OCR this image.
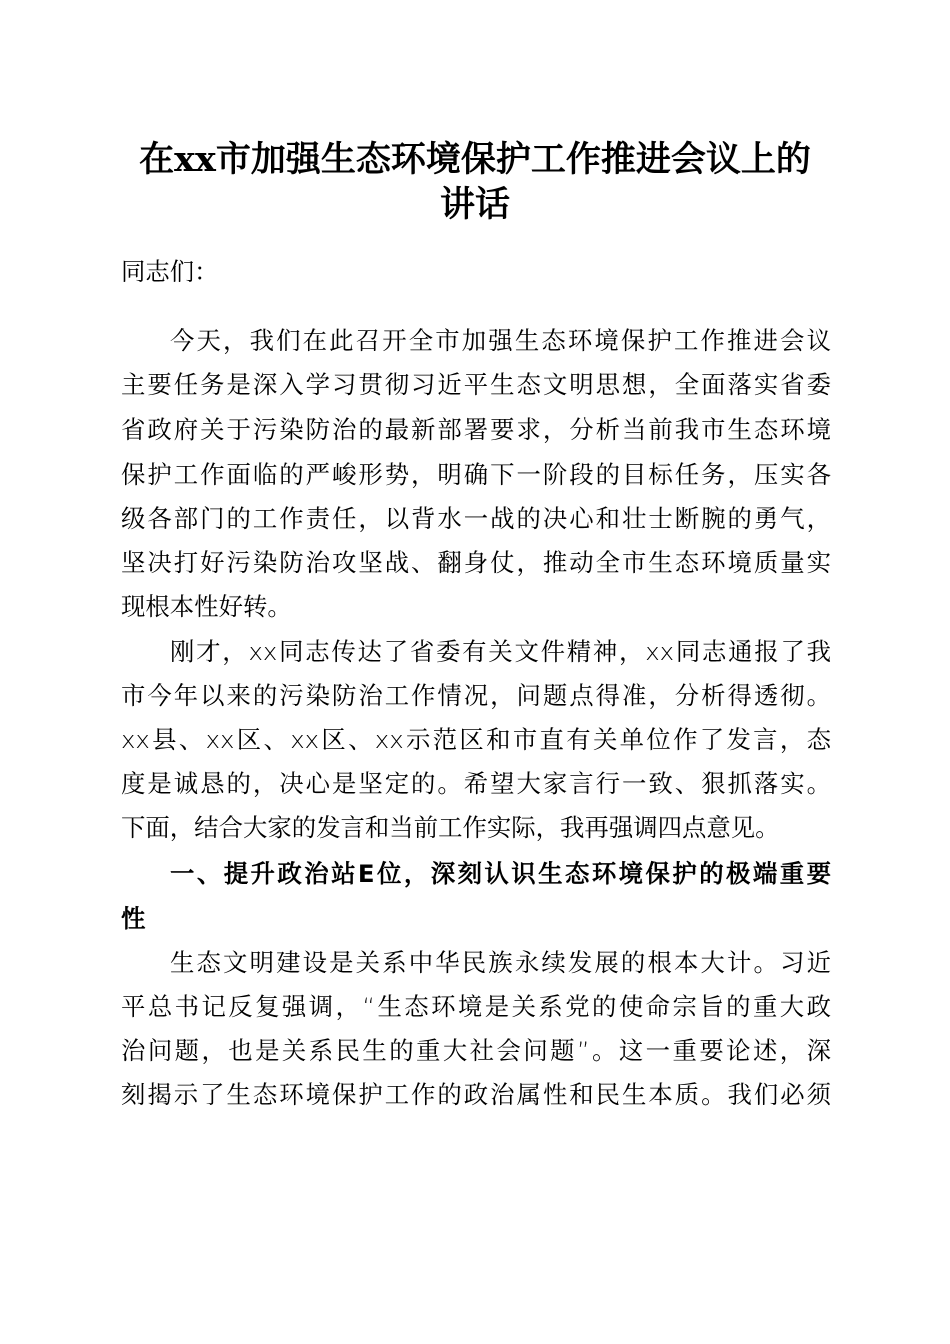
在xx市加强生态环境保护工作推进会议上的
讲话
同志们：
今天，我们在此召开全市加强生态环境保护工作推进会议
主要任务是深入学习贯彻习近平生态文明思想，全面落实省委
省政府关于污染防治的最新部署要求，分析当前我市生态环境
保护工作面临的严峻形势，明确下一阶段的目标任务，压实各
级各部门的工作责任，以背水一战的决心和壮士断腕的勇气，
坚决打好污染防治攻坚战、翻身仗，推动全市生态环境质量实
现根本性好转。
刚才，xx同志传达了省委有关文件精神，xx同志通报了我
市今年以来的污染防治工作情况，问题点得准，分析得透彻。
xx县、xx区、xx区、xx示范区和市直有关单位作了发言，态
度是诚恳的，决心是坚定的。希望大家言行一致、狠抓落实。
下面，结合大家的发言和当前工作实际，我再强调四点意见。
一、提升政治站E位，深刻认识生态环境保护的极端重要
性
生态文明建设是关系中华民族永续发展的根本大计。习近
平总书记反复强调，“生态环境是关系党的使命宗旨的重大政
治问题，也是关系民生的重大社会问题”。这一重要论述，深
刻揭示了生态环境保护工作的政治属性和民生本质。我们必须
